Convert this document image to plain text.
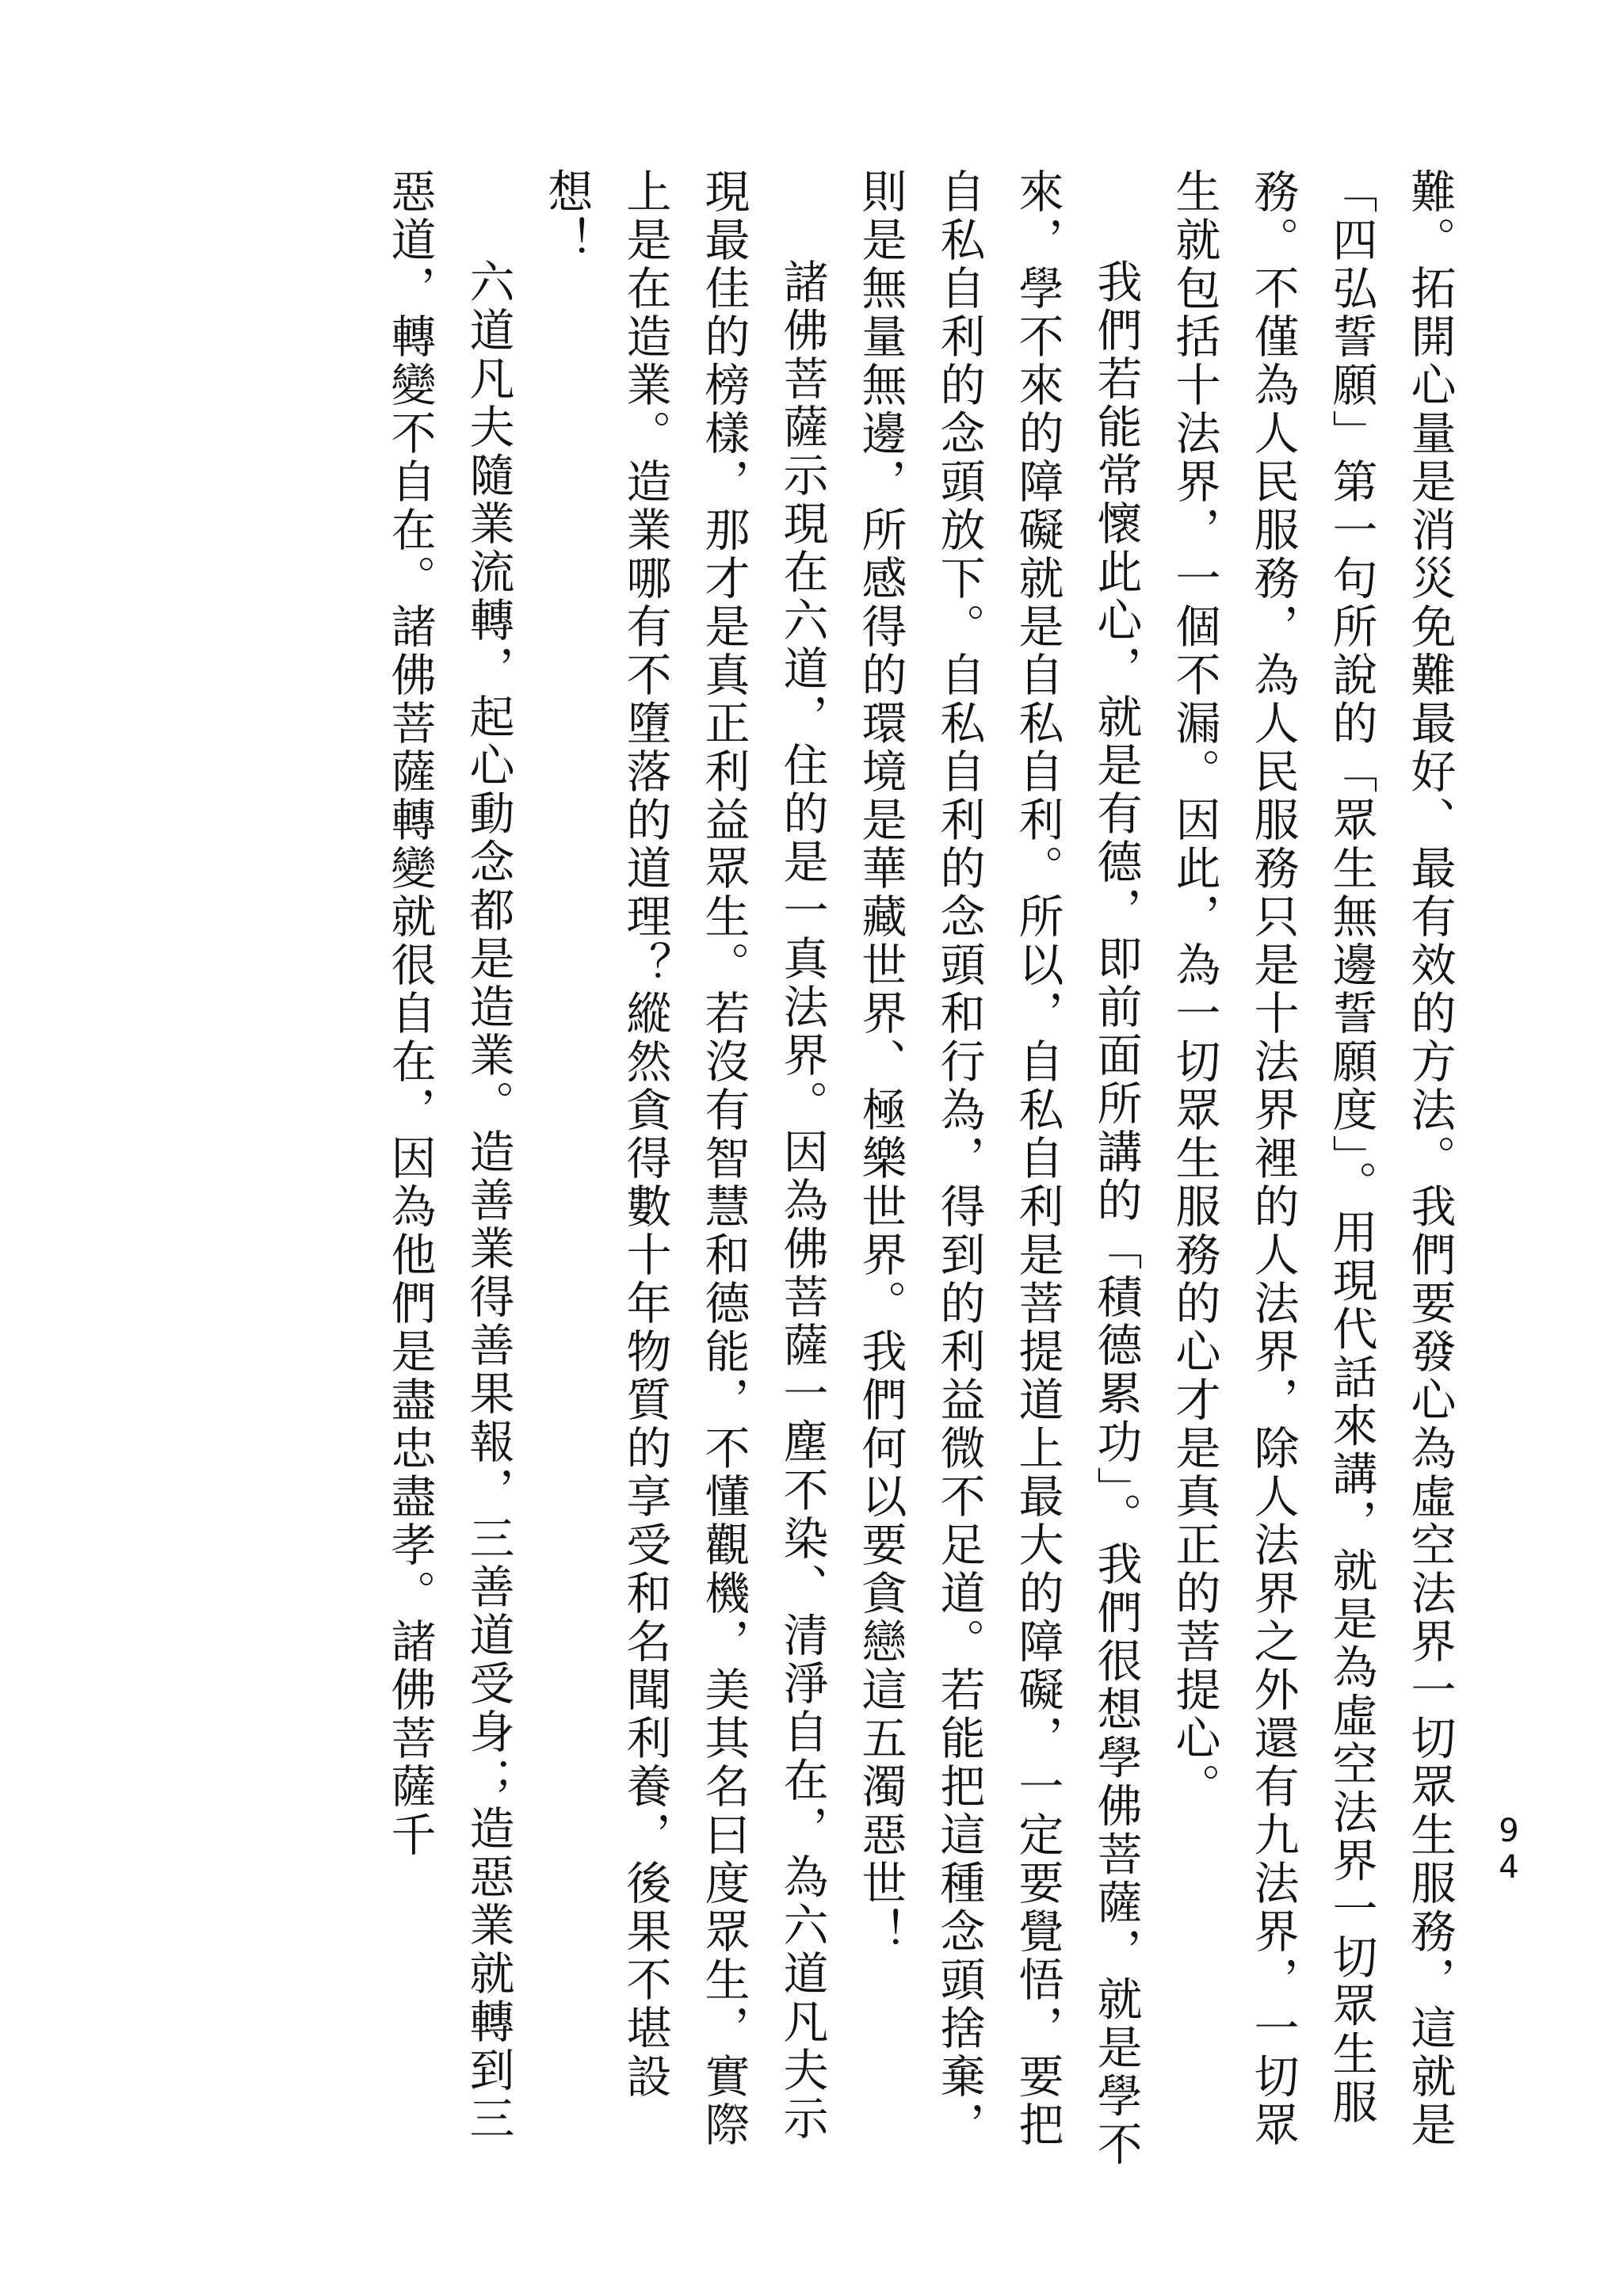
難。拓開心量是消災免難最好、最有效的方法。我們要發心為虛空法界一切眾生服務，這就是「四弘誓願」第一句所說的「眾生無邊誓願度」。用現代話來講，就是為虛空法界一切眾生服務。不僅為人民服務，為人民服務只是十法界裡的人法界，除人法界之外還有九法界，一切眾生就包括十法界，一個不漏。因此，為一切眾生服務的心才是真正的菩提心。

我們若能常懷此心，就是有德，即前面所講的「積德累功」。我們很想學佛菩薩，就是學不來，學不來的障礙就是自私自利。所以，自私自利是菩提道上最大的障礙，一定要覺悟，要把自私自利的念頭放下。自私自利的念頭和行為，得到的利益微不足道。若能把這種念頭捨棄，則是無量無邊，所感得的環境是華藏世界、極樂世界。我們何以要貪戀這五濁惡世！

諸佛菩薩示現在六道，住的是一真法界。因為佛菩薩一塵不染、清淨自在，為六道凡夫示現最佳的榜樣，那才是真正利益眾生。若沒有智慧和德能，不懂觀機，美其名曰度眾生，實際上是在造業。造業哪有不墮落的道理？縱然貪得數十年物質的享受和名聞利養，後果不堪設想！

六道凡夫隨業流轉，起心動念都是造業。造善業得善果報，三善道受身；造惡業就轉到三惡道，轉變不自在。諸佛菩薩轉變就很自在，因為他們是盡忠盡孝。諸佛菩薩千	94
